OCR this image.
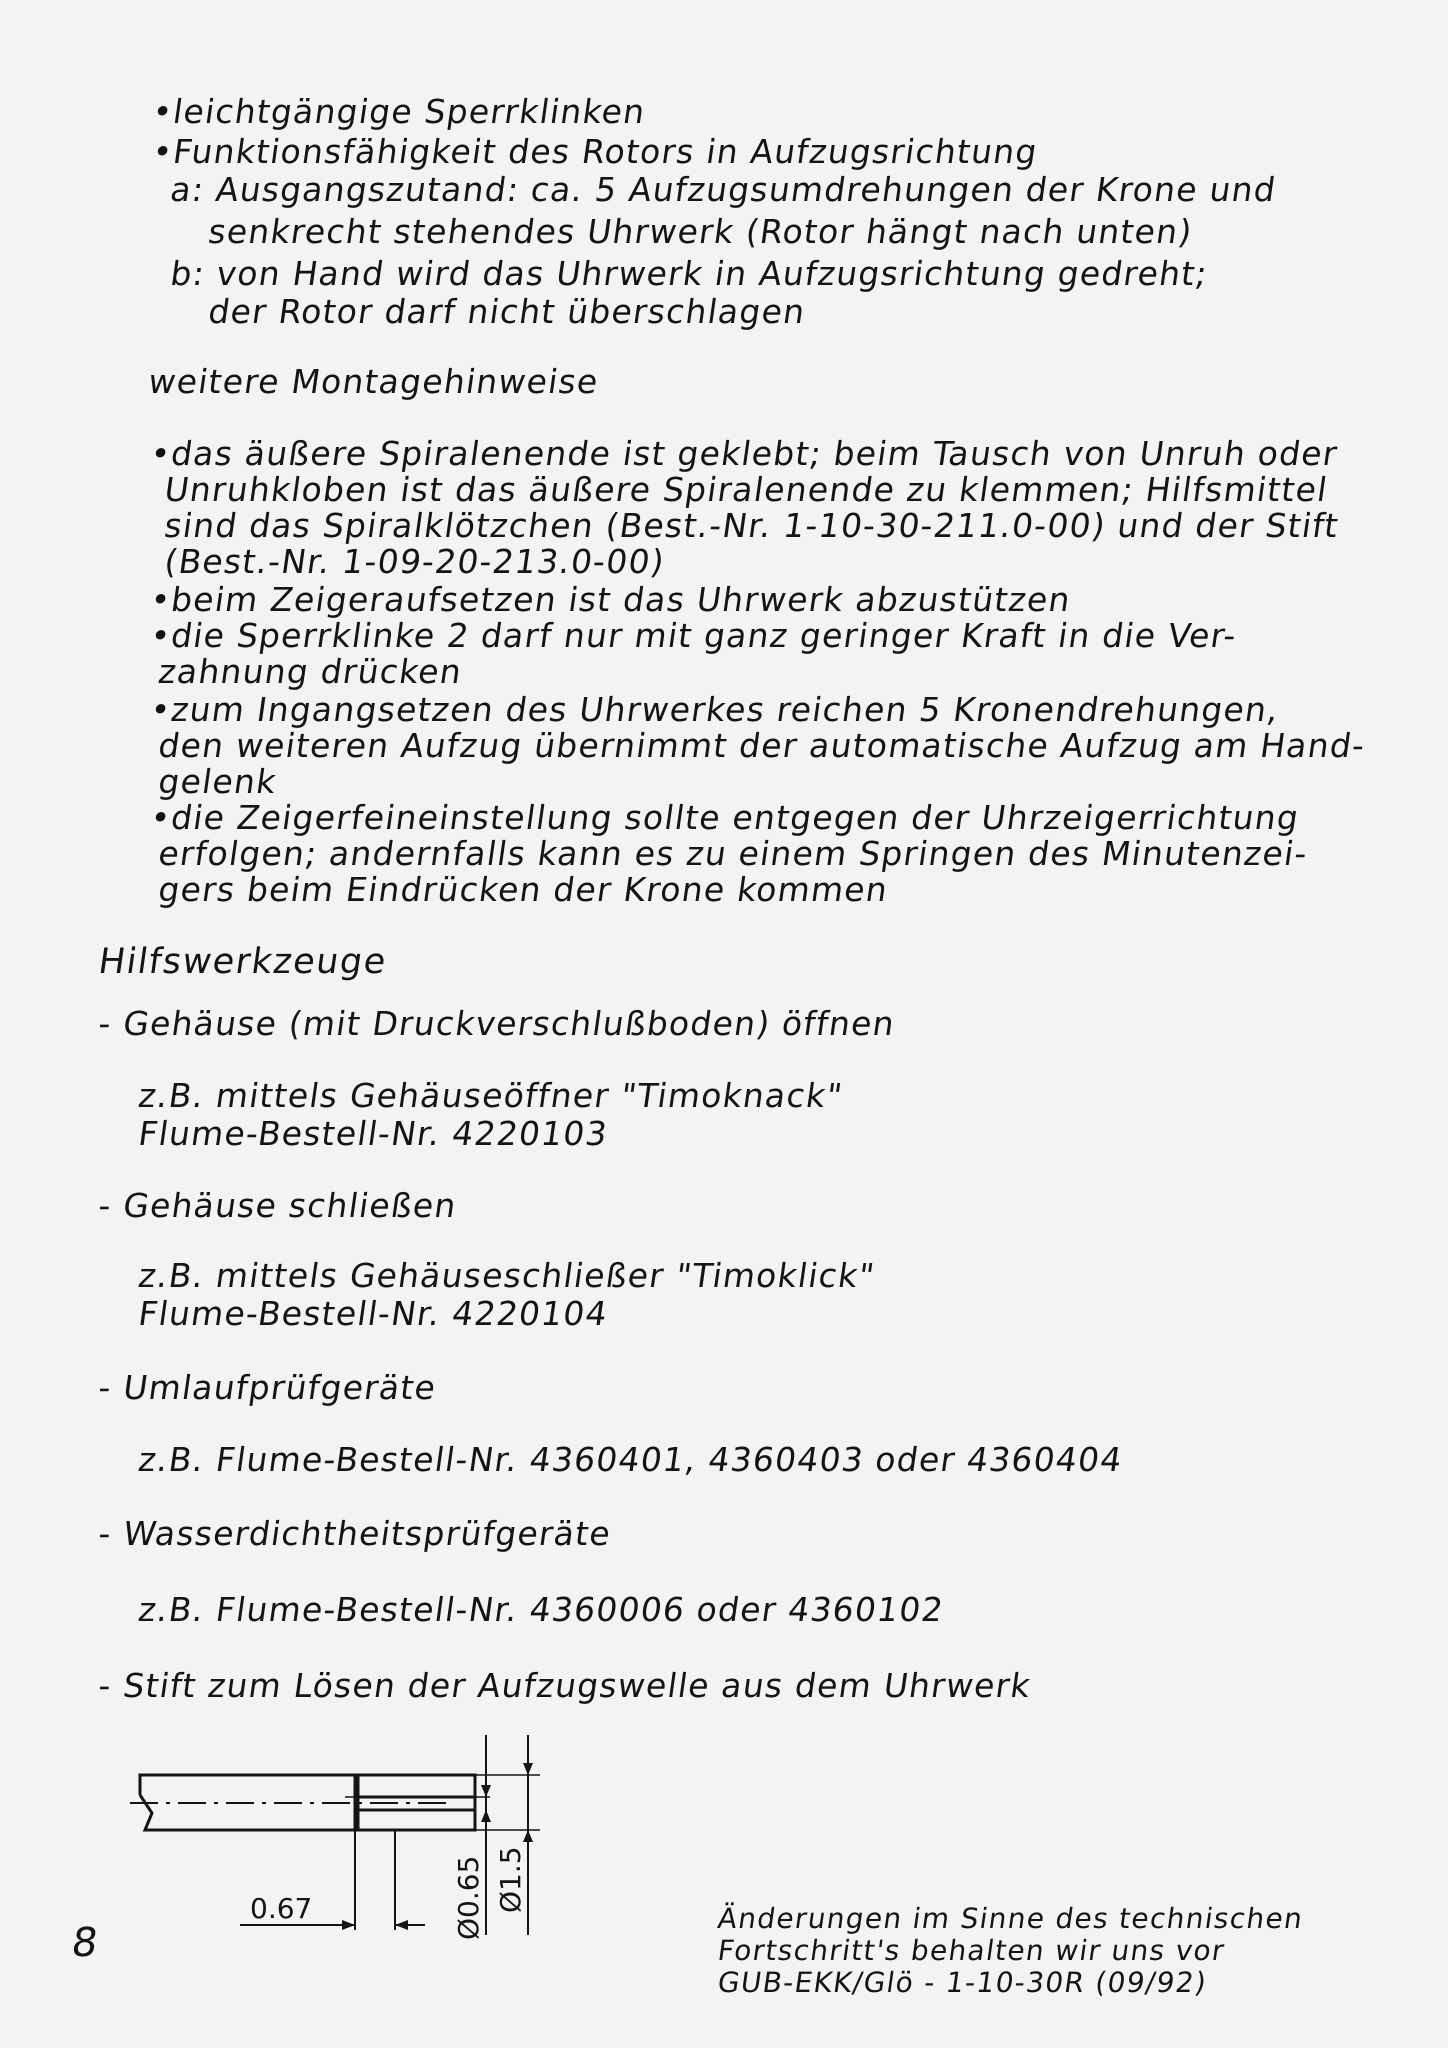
•leichtgängige Sperrklinken
•Funktionsfähigkeit des Rotors in Aufzugsrichtung
a: Ausgangszutand: ca. 5 Aufzugsumdrehungen der Krone und
senkrecht stehendes Uhrwerk (Rotor hängt nach unten)
b: von Hand wird das Uhrwerk in Aufzugsrichtung gedreht;
der Rotor darf nicht überschlagen
weitere Montagehinweise
•das äußere Spiralenende ist geklebt; beim Tausch von Unruh oder
Unruhkloben ist das äußere Spiralenende zu klemmen; Hilfsmittel
sind das Spiralklötzchen (Best.-Nr. 1-10-30-211.0-00) und der Stift
(Best.-Nr. 1-09-20-213.0-00)
•beim Zeigeraufsetzen ist das Uhrwerk abzustützen
•die Sperrklinke 2 darf nur mit ganz geringer Kraft in die Ver-
zahnung drücken
•zum Ingangsetzen des Uhrwerkes reichen 5 Kronendrehungen,
den weiteren Aufzug übernimmt der automatische Aufzug am Hand-
gelenk
•die Zeigerfeineinstellung sollte entgegen der Uhrzeigerrichtung
erfolgen; andernfalls kann es zu einem Springen des Minutenzei-
gers beim Eindrücken der Krone kommen
Hilfswerkzeuge
- Gehäuse (mit Druckverschlußboden) öffnen
z.B. mittels Gehäuseöffner "Timoknack"
Flume-Bestell-Nr. 4220103
- Gehäuse schließen
z.B. mittels Gehäuseschließer "Timoklick"
Flume-Bestell-Nr. 4220104
- Umlaufprüfgeräte
z.B. Flume-Bestell-Nr. 4360401, 4360403 oder 4360404
- Wasserdichtheitsprüfgeräte
z.B. Flume-Bestell-Nr. 4360006 oder 4360102
- Stift zum Lösen der Aufzugswelle aus dem Uhrwerk
0.67	Ø0.65 Ø1.5
Änderungen im Sinne des technischen
Fortschritt's behalten wir uns vor
GUB-EKK/Glö - 1-10-30R (09/92)
8
